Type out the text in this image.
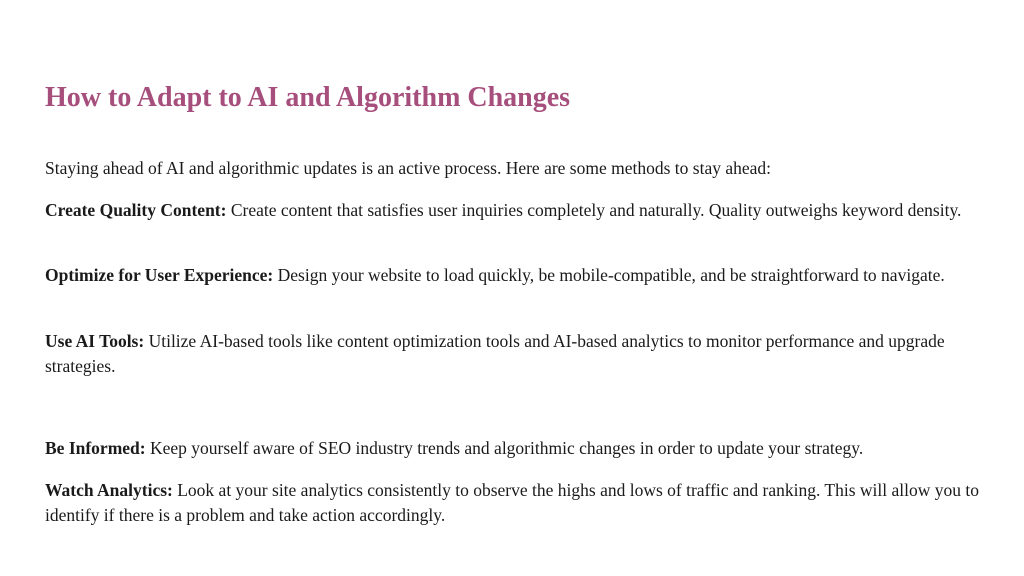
How to Adapt to AI and Algorithm Changes

Staying ahead of AI and algorithmic updates is an active process. Here are some methods to stay ahead:

Create Quality Content: Create content that satisfies user inquiries completely and naturally. Quality outweighs keyword density.

Optimize for User Experience: Design your website to load quickly, be mobile-compatible, and be straightforward to navigate.

Use AI Tools: Utilize AI-based tools like content optimization tools and AI-based analytics to monitor performance and upgrade strategies.

Be Informed: Keep yourself aware of SEO industry trends and algorithmic changes in order to update your strategy.

Watch Analytics: Look at your site analytics consistently to observe the highs and lows of traffic and ranking. This will allow you to identify if there is a problem and take action accordingly.
